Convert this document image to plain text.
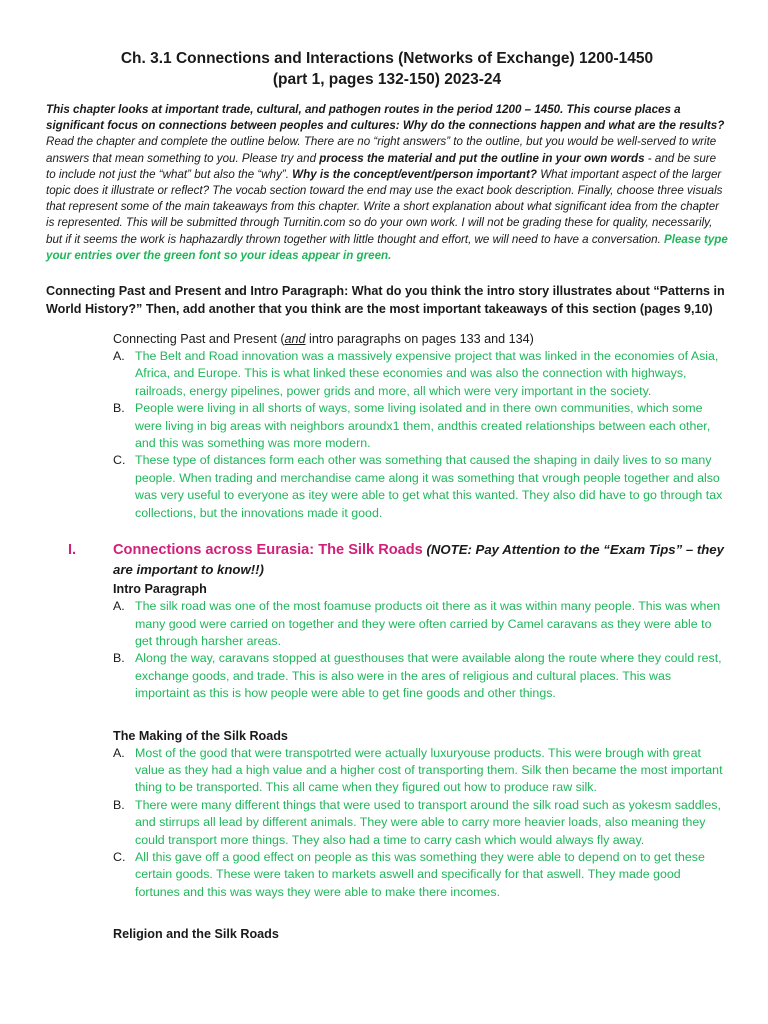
Ch. 3.1 Connections and Interactions (Networks of Exchange) 1200-1450
(part 1, pages 132-150) 2023-24

This chapter looks at important trade, cultural, and pathogen routes in the period 1200 – 1450. This course places a significant focus on connections between peoples and cultures: Why do the connections happen and what are the results? Read the chapter and complete the outline below. There are no “right answers” to the outline, but you would be well-served to write answers that mean something to you. Please try and process the material and put the outline in your own words - and be sure to include not just the “what” but also the “why”. Why is the concept/event/person important? What important aspect of the larger topic does it illustrate or reflect? The vocab section toward the end may use the exact book description. Finally, choose three visuals that represent some of the main takeaways from this chapter. Write a short explanation about what significant idea from the chapter is represented. This will be submitted through Turnitin.com so do your own work. I will not be grading these for quality, necessarily, but if it seems the work is haphazardly thrown together with little thought and effort, we will need to have a conversation. Please type your entries over the green font so your ideas appear in green.

Connecting Past and Present and Intro Paragraph: What do you think the intro story illustrates about “Patterns in World History?” Then, add another that you think are the most important takeaways of this section (pages 9,10)

Connecting Past and Present (and intro paragraphs on pages 133 and 134)
A. The Belt and Road innovation was a massively expensive project that was linked in the economies of Asia, Africa, and Europe. This is what linked these economies and was also the connection with highways, railroads, energy pipelines, power grids and more, all which were very important in the society.
B. People were living in all shorts of ways, some living isolated and in there own communities, which some were living in big areas with neighbors aroundx1 them, andthis created relationships between each other, and this was something was more modern.
C. These type of distances form each other was something that caused the shaping in daily lives to so many people. When trading and merchandise came along it was something that vrough people together and also was very useful to everyone as itey were able to get what this wanted. They also did have to go through tax collections, but the innovations made it good.
I.	Connections across Eurasia: The Silk Roads (NOTE: Pay Attention to the “Exam Tips” – they are important to know!!)
Intro Paragraph
A. The silk road was one of the most foamuse products oit there as it was within many people. This was when many good were carried on together and they were often carried by Camel caravans as they were able to get through harsher areas.
B. Along the way, caravans stopped at guesthouses that were available along the route where they could rest, exchange goods, and trade. This is also were in the ares of religious and cultural places. This was importaint as this is how people were able to get fine goods and other things.
The Making of the Silk Roads
A. Most of the good that were transpotrted were actually luxuryouse products. This were brough with great value as they had a high value and a higher cost of transporting them. Silk then became the most important thing to be transported. This all came when they figured out how to produce raw silk.
B. There were many different things that were used to transport around the silk road such as yokesm saddles, and stirrups all lead by different animals. They were able to carry more heavier loads, also meaning they could transport more things. They also had a time to carry cash which would always fly away.
C. All this gave off a good effect on people as this was something they were able to depend on to get these certain goods. These were taken to markets aswell and specifically for that aswell. They made good fortunes and this was ways they were able to make there incomes.
Religion and the Silk Roads
